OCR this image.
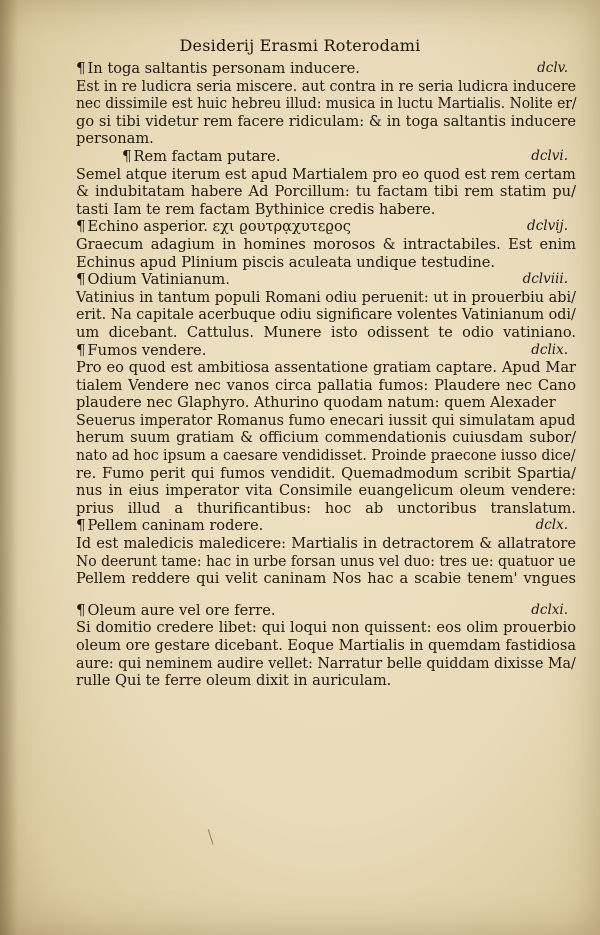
Desiderij Erasmi Roterodami
¶ In toga saltantis personam inducere.	dclv.
Est in re ludicra seria miscere. aut contra in re seria ludicra inducere
nec dissimile est huic hebreu illud: musica in luctu Martialis. Nolite er/
go si tibi videtur rem facere ridiculam: & in toga saltantis inducere
personam.
¶ Rem factam putare.	dclvi.
Semel atque iterum est apud Martialem pro eo quod est rem certam
& indubitatam habere Ad Porcillum: tu factam tibi rem statim pu/
tasti Iam te rem factam Bythinice credis habere.
¶ Echino asperior. εχι ϱουτρᾳχυτεϱος	dclvij.
Graecum adagium in homines morosos & intractabiles. Est enim
Echinus apud Plinium piscis aculeata undique testudine.
¶ Odium Vatinianum.	dclviii.
Vatinius in tantum populi Romani odiu peruenit: ut in prouerbiu abi/
erit. Na capitale acerbuque odiu significare volentes Vatinianum odi/
um dicebant. Cattulus. Munere isto odissent te odio vatiniano.
¶ Fumos vendere.	dclix.
Pro eo quod est ambitiosa assentatione gratiam captare. Apud Mar
tialem Vendere nec vanos circa pallatia fumos: Plaudere nec Cano
plaudere nec Glaphyro. Athurino quodam natum: quem Alexader
Seuerus imperator Romanus fumo enecari iussit qui simulatam apud
herum suum gratiam & officium commendationis cuiusdam subor/
nato ad hoc ipsum a caesare vendidisset. Proinde praecone iusso dice/
re. Fumo perit qui fumos vendidit. Quemadmodum scribit Spartia/
nus in eius imperator vita Consimile euangelicum oleum vendere:
prius illud a thurificantibus: hoc ab unctoribus translatum.
¶ Pellem caninam rodere.	dclx.
Id est maledicis maledicere: Martialis in detractorem & allatratore
No deerunt tame: hac in urbe forsan unus vel duo: tres ue: quatuor ue
Pellem reddere qui velit caninam Nos hac a scabie tenem' vngues
¶ Oleum aure vel ore ferre.	dclxi.
Si domitio credere libet: qui loqui non quissent: eos olim prouerbio
oleum ore gestare dicebant. Eoque Martialis in quemdam fastidiosa
aure: qui neminem audire vellet: Narratur belle quiddam dixisse Ma/
rulle Qui te ferre oleum dixit in auriculam.
